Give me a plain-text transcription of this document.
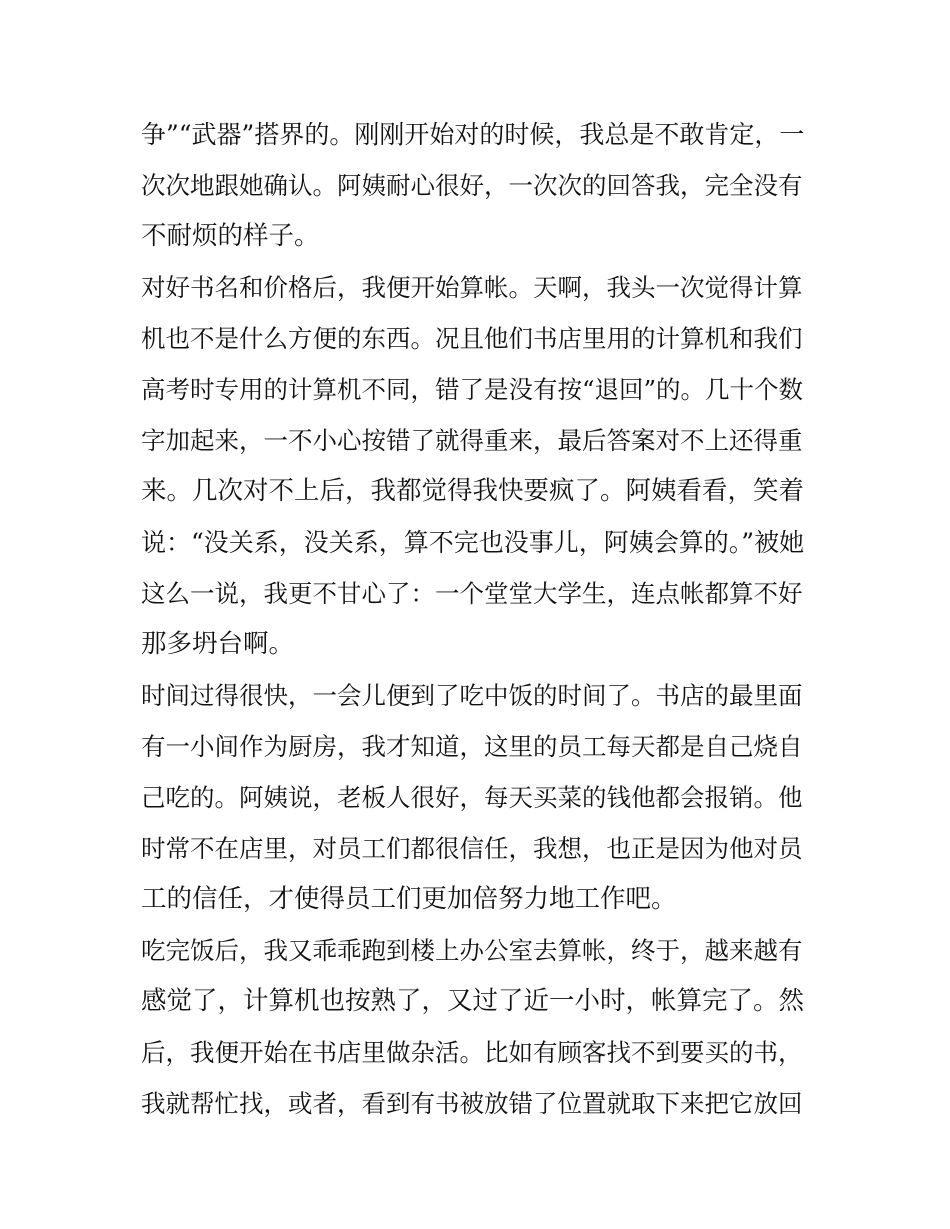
争”“武器”搭界的。刚刚开始对的时候，我总是不敢肯定，一
次次地跟她确认。阿姨耐心很好，一次次的回答我，完全没有
不耐烦的样子。
对好书名和价格后，我便开始算帐。天啊，我头一次觉得计算
机也不是什么方便的东西。况且他们书店里用的计算机和我们
高考时专用的计算机不同，错了是没有按“退回”的。几十个数
字加起来，一不小心按错了就得重来，最后答案对不上还得重
来。几次对不上后，我都觉得我快要疯了。阿姨看看，笑着
说：“没关系，没关系，算不完也没事儿，阿姨会算的。”被她
这么一说，我更不甘心了：一个堂堂大学生，连点帐都算不好
那多坍台啊。
时间过得很快，一会儿便到了吃中饭的时间了。书店的最里面
有一小间作为厨房，我才知道，这里的员工每天都是自己烧自
己吃的。阿姨说，老板人很好，每天买菜的钱他都会报销。他
时常不在店里，对员工们都很信任，我想，也正是因为他对员
工的信任，才使得员工们更加倍努力地工作吧。
吃完饭后，我又乖乖跑到楼上办公室去算帐，终于，越来越有
感觉了，计算机也按熟了，又过了近一小时，帐算完了。然
后，我便开始在书店里做杂活。比如有顾客找不到要买的书，
我就帮忙找，或者，看到有书被放错了位置就取下来把它放回
